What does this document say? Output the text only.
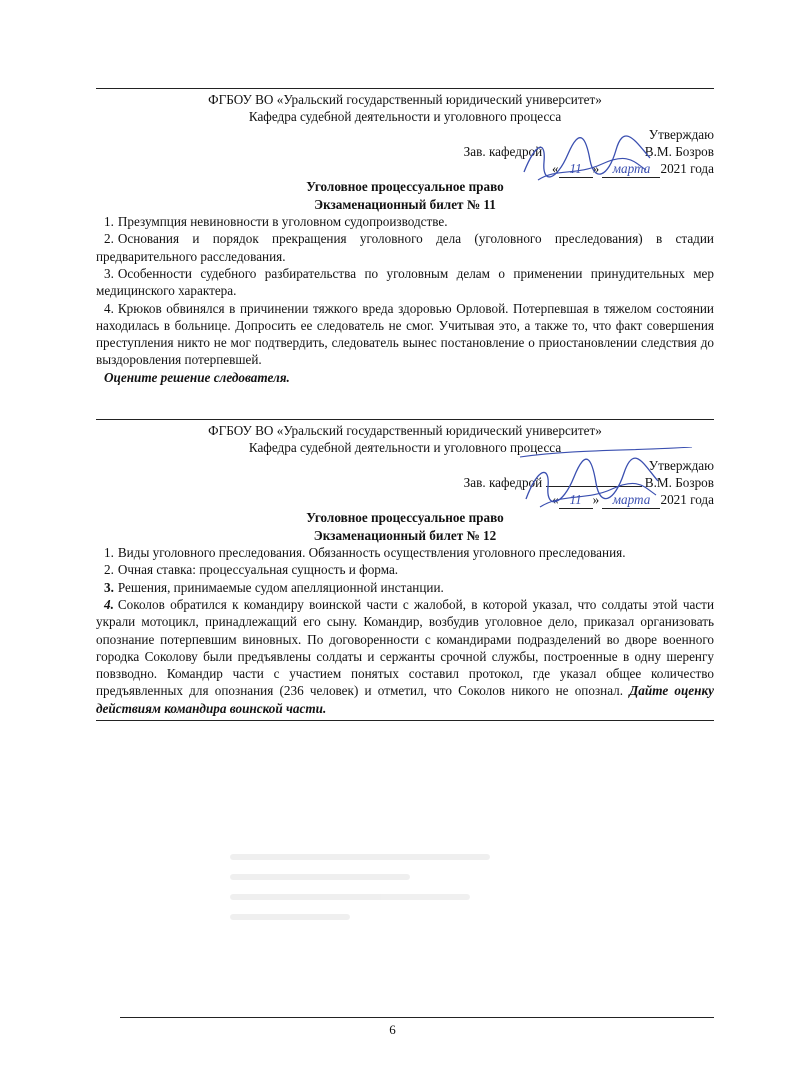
ФГБОУ ВО «Уральский государственный юридический университет»
Кафедра судебной деятельности и уголовного процесса
Утверждаю
Зав. кафедрой	В.М. Бозров
« 11 » марта 2021 года
Уголовное процессуальное право
Экзаменационный билет № 11

1. Презумпция невиновности в уголовном судопроизводстве.

2. Основания и порядок прекращения уголовного дела (уголовного преследования) в стадии предварительного расследования.

3. Особенности судебного разбирательства по уголовным делам о применении принудительных мер медицинского характера.

4. Крюков обвинялся в причинении тяжкого вреда здоровью Орловой. Потерпевшая в тяжелом состоянии находилась в больнице. Допросить ее следователь не смог. Учитывая это, а также то, что факт совершения преступления никто не мог подтвердить, следователь вынес постановление о приостановлении следствия до выздоровления потерпевшей.

Оцените решение следователя.

ФГБОУ ВО «Уральский государственный юридический университет»
Кафедра судебной деятельности и уголовного процесса
Утверждаю
Зав. кафедрой	В.М. Бозров
« 11 » марта 2021 года
Уголовное процессуальное право
Экзаменационный билет № 12

1. Виды уголовного преследования. Обязанность осуществления уголовного преследования.

2. Очная ставка: процессуальная сущность и форма.

3. Решения, принимаемые судом апелляционной инстанции.

4. Соколов обратился к командиру воинской части с жалобой, в которой указал, что солдаты этой части украли мотоцикл, принадлежащий его сыну. Командир, возбудив уголовное дело, приказал организовать опознание потерпевшим виновных. По договоренности с командирами подразделений во дворе военного городка Соколову были предъявлены солдаты и сержанты срочной службы, построенные в одну шеренгу повзводно. Командир части с участием понятых составил протокол, где указал общее количество предъявленных для опознания (236 человек) и отметил, что Соколов никого не опознал. Дайте оценку действиям командира воинской части.

6
